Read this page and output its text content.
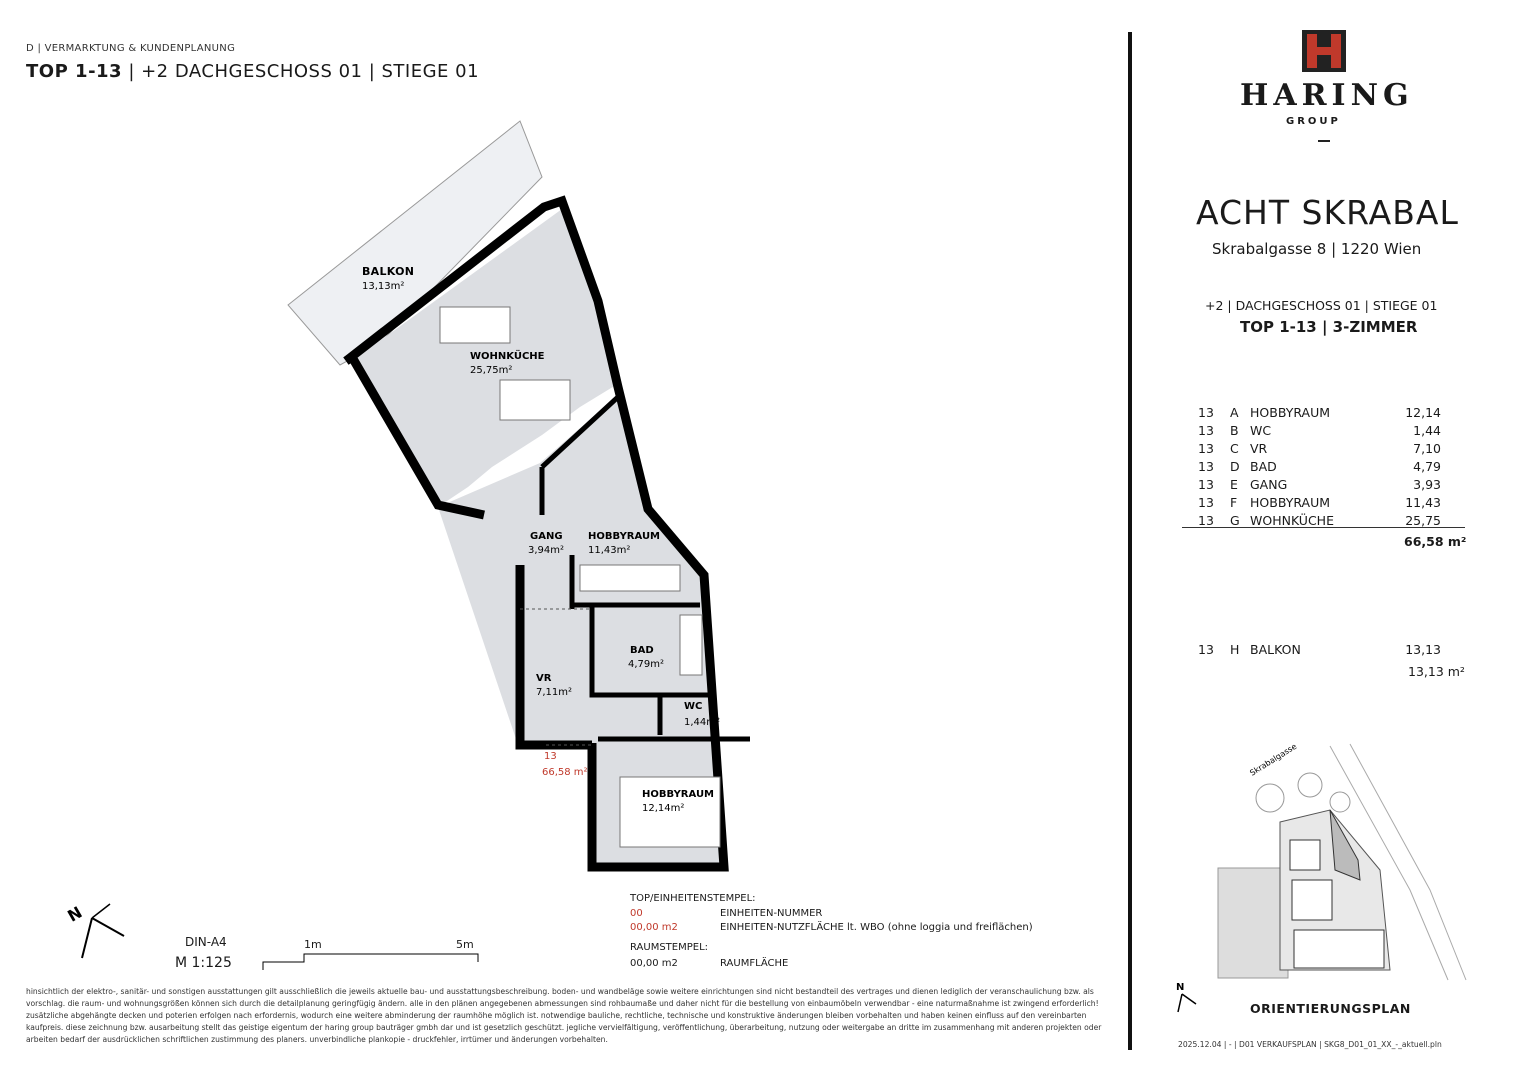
D | VERMARKTUNG & KUNDENPLANUNG
TOP 1-13 | +2 DACHGESCHOSS 01 | STIEGE 01
BALKON
13,13m²
WOHNKÜCHE
25,75m²
GANG
3,94m²
HOBBYRAUM
11,43m²
BAD
4,79m²
VR
7,11m²
WC
1,44m²
HOBBYRAUM
12,14m²
13
66,58 m²
N
DIN-A4
M 1:125
1m	5m
TOP/EINHEITENSTEMPEL:
00	EINHEITEN-NUMMER
00,00 m2	EINHEITEN-NUTZFLÄCHE lt. WBO (ohne loggia und freiflächen)
RAUMSTEMPEL:
00,00 m2	RAUMFLÄCHE
hinsichtlich der elektro-, sanitär- und sonstigen ausstattungen gilt ausschließlich die jeweils aktuelle bau- und ausstattungsbeschreibung. boden- und wandbeläge sowie weitere einrichtungen sind nicht bestandteil des vertrages und dienen lediglich der veranschaulichung bzw. als vorschlag. die raum- und wohnungsgrößen können sich durch die detailplanung geringfügig ändern. alle in den plänen angegebenen abmessungen sind rohbaumaße und daher nicht für die bestellung von einbaumöbeln verwendbar - eine naturmaßnahme ist zwingend erforderlich! zusätzliche abgehängte decken und poterien erfolgen nach erfordernis, wodurch eine weitere abminderung der raumhöhe möglich ist. notwendige bauliche, rechtliche, technische und konstruktive änderungen bleiben vorbehalten und haben keinen einfluss auf den vereinbarten kaufpreis. diese zeichnung bzw. ausarbeitung stellt das geistige eigentum der haring group bauträger gmbh dar und ist gesetzlich geschützt. jegliche vervielfältigung, veröffentlichung, überarbeitung, nutzung oder weitergabe an dritte im zusammenhang mit anderen projekten oder arbeiten bedarf der ausdrücklichen schriftlichen zustimmung des planers. unverbindliche plankopie - druckfehler, irrtümer und änderungen vorbehalten.
HARING
GROUP
ACHT SKRABAL
Skrabalgasse 8 | 1220 Wien
+2 | DACHGESCHOSS 01 | STIEGE 01
TOP 1-13 | 3-ZIMMER
13	A	HOBBYRAUM	12,14
13	B	WC	1,44
13	C	VR	7,10
13	D	BAD	4,79
13	E	GANG	3,93
13	F	HOBBYRAUM	11,43
13	G	WOHNKÜCHE	25,75
66,58 m²
13	H	BALKON	13,13
13,13 m²
Skrabalgasse
N
ORIENTIERUNGSPLAN
2025.12.04 | - | D01 VERKAUFSPLAN | SKG8_D01_01_XX_-_aktuell.pln
